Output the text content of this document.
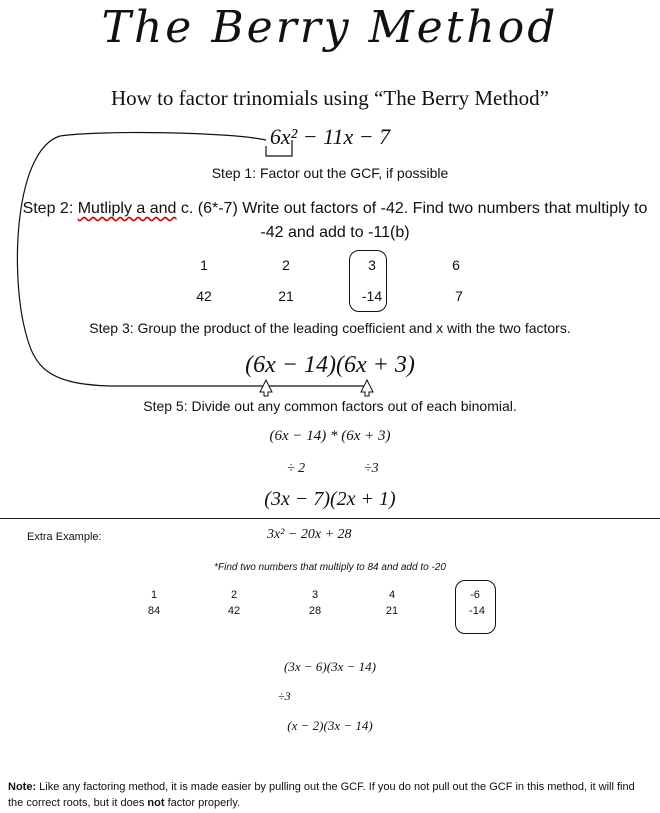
The Berry Method
How to factor trinomials using “The Berry Method”
6x² − 11x − 7
Step 1: Factor out the GCF, if possible
Step 2: Mutliply a and c. (6*-7) Write out factors of -42. Find two numbers that multiply to -42 and add to -11(b)
1
42
2
21
3
-14
6
7
Step 3: Group the product of the leading coefficient and x with the two factors.
(6x − 14)(6x + 3)
Step 5: Divide out any common factors out of each binomial.
(6x − 14) * (6x + 3)
÷ 2	÷3
(3x − 7)(2x + 1)
Extra Example:	3x² − 20x + 28
*Find two numbers that multiply to 84 and add to -20
1
84
2
42
3
28
4
21
-6
-14
(3x − 6)(3x − 14)
÷3
(x − 2)(3x − 14)
Note: Like any factoring method, it is made easier by pulling out the GCF. If you do not pull out the GCF in this method, it will find the correct roots, but it does not factor properly.
